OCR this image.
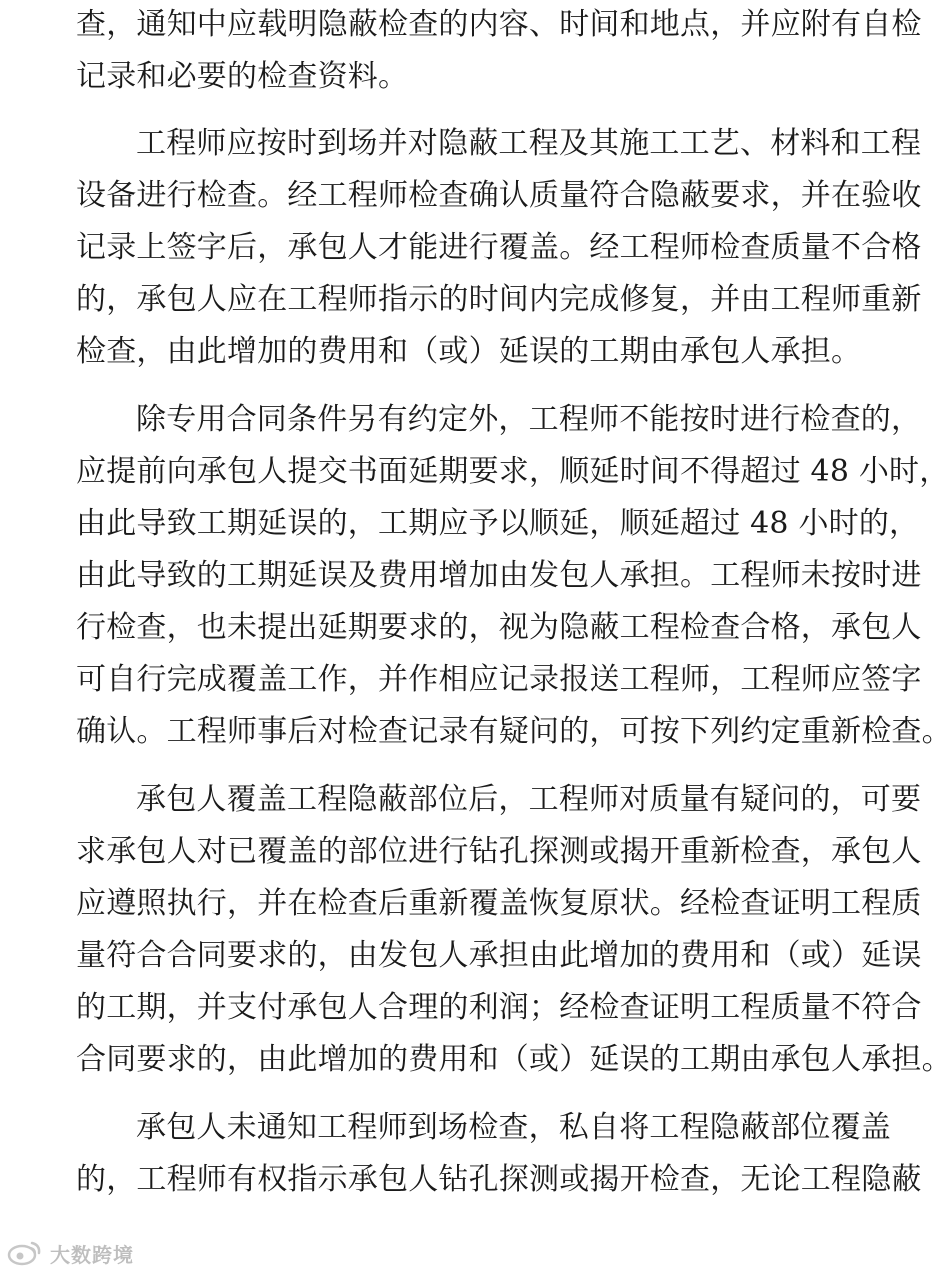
查，通知中应载明隐蔽检查的内容、时间和地点，并应附有自检
记录和必要的检查资料。
工程师应按时到场并对隐蔽工程及其施工工艺、材料和工程
设备进行检查。经工程师检查确认质量符合隐蔽要求，并在验收
记录上签字后，承包人才能进行覆盖。经工程师检查质量不合格
的，承包人应在工程师指示的时间内完成修复，并由工程师重新
检查，由此增加的费用和（或）延误的工期由承包人承担。
除专用合同条件另有约定外，工程师不能按时进行检查的，
应提前向承包人提交书面延期要求，顺延时间不得超过 48 小时，
由此导致工期延误的，工期应予以顺延，顺延超过 48 小时的，
由此导致的工期延误及费用增加由发包人承担。工程师未按时进
行检查，也未提出延期要求的，视为隐蔽工程检查合格，承包人
可自行完成覆盖工作，并作相应记录报送工程师，工程师应签字
确认。工程师事后对检查记录有疑问的，可按下列约定重新检查。
承包人覆盖工程隐蔽部位后，工程师对质量有疑问的，可要
求承包人对已覆盖的部位进行钻孔探测或揭开重新检查，承包人
应遵照执行，并在检查后重新覆盖恢复原状。经检查证明工程质
量符合合同要求的，由发包人承担由此增加的费用和（或）延误
的工期，并支付承包人合理的利润；经检查证明工程质量不符合
合同要求的，由此增加的费用和（或）延误的工期由承包人承担。
承包人未通知工程师到场检查，私自将工程隐蔽部位覆盖
的，工程师有权指示承包人钻孔探测或揭开检查，无论工程隐蔽
大数跨境
